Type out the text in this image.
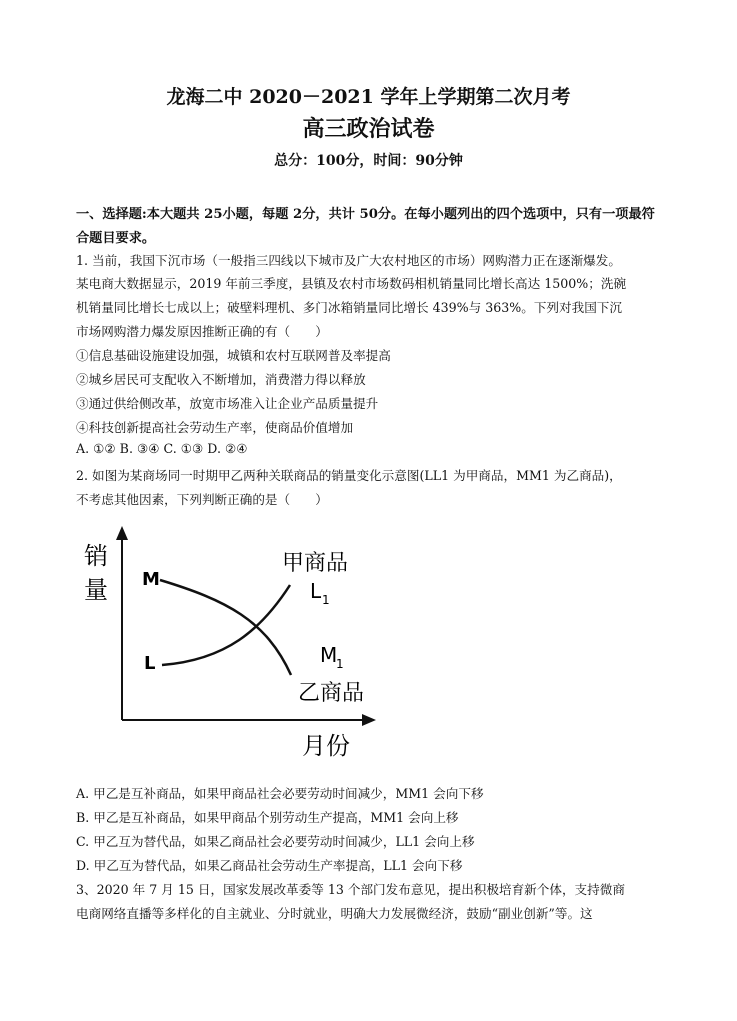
龙海二中 2020－2021 学年上学期第二次月考
高三政治试卷
总分：100分，时间：90分钟
一、选择题:本大题共 25小题，每题 2分，共计 50分。在每小题列出的四个选项中，只有一项最符合题目要求。
1. 当前，我国下沉市场（一般指三四线以下城市及广大农村地区的市场）网购潜力正在逐渐爆发。
某电商大数据显示，2019 年前三季度，县镇及农村市场数码相机销量同比增长高达 1500%；洗碗
机销量同比增长七成以上；破壁料理机、多门冰箱销量同比增长 439%与 363%。下列对我国下沉
市场网购潜力爆发原因推断正确的有（　　）
①信息基础设施建设加强，城镇和农村互联网普及率提高
②城乡居民可支配收入不断增加，消费潜力得以释放
③通过供给侧改革，放宽市场准入让企业产品质量提升
④科技创新提高社会劳动生产率，使商品价值增加
A. ①② B. ③④ C. ①③ D. ②④
2. 如图为某商场同一时期甲乙两种关联商品的销量变化示意图(LL1 为甲商品，MM1 为乙商品)，
不考虑其他因素，下列判断正确的是（　　）
销
量
月份
M
L
甲商品
L 1
M
1
乙商品
A. 甲乙是互补商品，如果甲商品社会必要劳动时间减少，MM1 会向下移
B. 甲乙是互补商品，如果甲商品个别劳动生产提高，MM1 会向上移
C. 甲乙互为替代品，如果乙商品社会必要劳动时间减少，LL1 会向上移
D. 甲乙互为替代品，如果乙商品社会劳动生产率提高，LL1 会向下移
3、2020 年 7 月 15 日，国家发展改革委等 13 个部门发布意见，提出积极培育新个体，支持微商
电商网络直播等多样化的自主就业、分时就业，明确大力发展微经济，鼓励“副业创新”等。这
